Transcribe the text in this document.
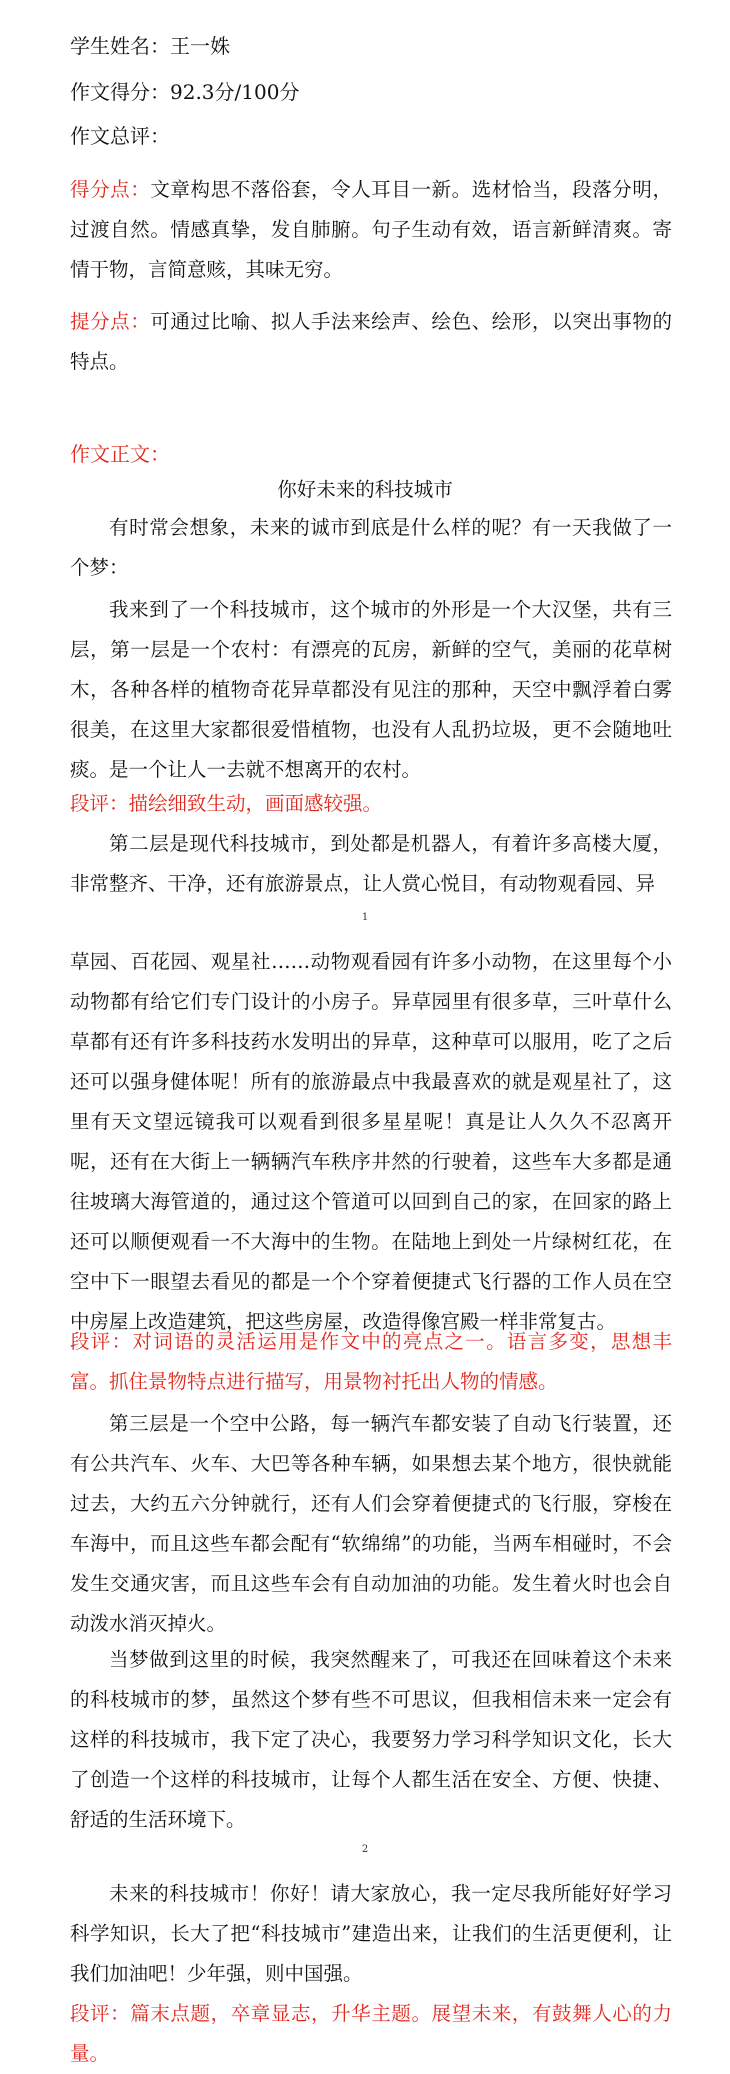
学生姓名：王一姝
作文得分：92.3分/100分
作文总评：
得分点：文章构思不落俗套，令人耳目一新。选材恰当，段落分明，过渡自然。情感真挚，发自肺腑。句子生动有效，语言新鲜清爽。寄情于物，言简意赅，其味无穷。
提分点：可通过比喻、拟人手法来绘声、绘色、绘形，以突出事物的特点。
作文正文：
你好未来的科技城市
有时常会想象，未来的诚市到底是什么样的呢？有一天我做了一个梦：
我来到了一个科技城市，这个城市的外形是一个大汉堡，共有三层，第一层是一个农村：有漂亮的瓦房，新鲜的空气，美丽的花草树木，各种各样的植物奇花异草都没有见注的那种，天空中飘浮着白雾很美，在这里大家都很爱惜植物，也没有人乱扔垃圾，更不会随地吐痰。是一个让人一去就不想离开的农村。
段评：描绘细致生动，画面感较强。
第二层是现代科技城市，到处都是机器人，有着许多高楼大厦，非常整齐、干净，还有旅游景点，让人赏心悦目，有动物观看园、异
1
草园、百花园、观星社……动物观看园有许多小动物，在这里每个小动物都有给它们专门设计的小房子。异草园里有很多草，三叶草什么草都有还有许多科技药水发明出的异草，这种草可以服用，吃了之后还可以强身健体呢！所有的旅游最点中我最喜欢的就是观星社了，这里有天文望远镜我可以观看到很多星星呢！真是让人久久不忍离开呢，还有在大街上一辆辆汽车秩序井然的行驶着，这些车大多都是通往坡璃大海管道的，通过这个管道可以回到自己的家，在回家的路上还可以顺便观看一不大海中的生物。在陆地上到处一片绿树红花，在空中下一眼望去看见的都是一个个穿着便捷式飞行器的工作人员在空中房屋上改造建筑，把这些房屋，改造得像宫殿一样非常复古。
段评：对词语的灵活运用是作文中的亮点之一。语言多变，思想丰富。抓住景物特点进行描写，用景物衬托出人物的情感。
第三层是一个空中公路，每一辆汽车都安装了自动飞行装置，还有公共汽车、火车、大巴等各种车辆，如果想去某个地方，很快就能过去，大约五六分钟就行，还有人们会穿着便捷式的飞行服，穿梭在车海中，而且这些车都会配有“软绵绵”的功能，当两车相碰时，不会发生交通灾害，而且这些车会有自动加油的功能。发生着火时也会自动泼水消灭掉火。
当梦做到这里的时候，我突然醒来了，可我还在回味着这个未来的科枝城市的梦，虽然这个梦有些不可思议，但我相信未来一定会有这样的科技城市，我下定了决心，我要努力学习科学知识文化，长大了创造一个这样的科技城市，让每个人都生活在安全、方便、快捷、舒适的生活环境下。
2
未来的科技城市！你好！请大家放心，我一定尽我所能好好学习科学知识，长大了把“科技城市”建造出来，让我们的生活更便利，让我们加油吧！少年强，则中国强。
段评：篇末点题，卒章显志，升华主题。展望未来，有鼓舞人心的力量。
